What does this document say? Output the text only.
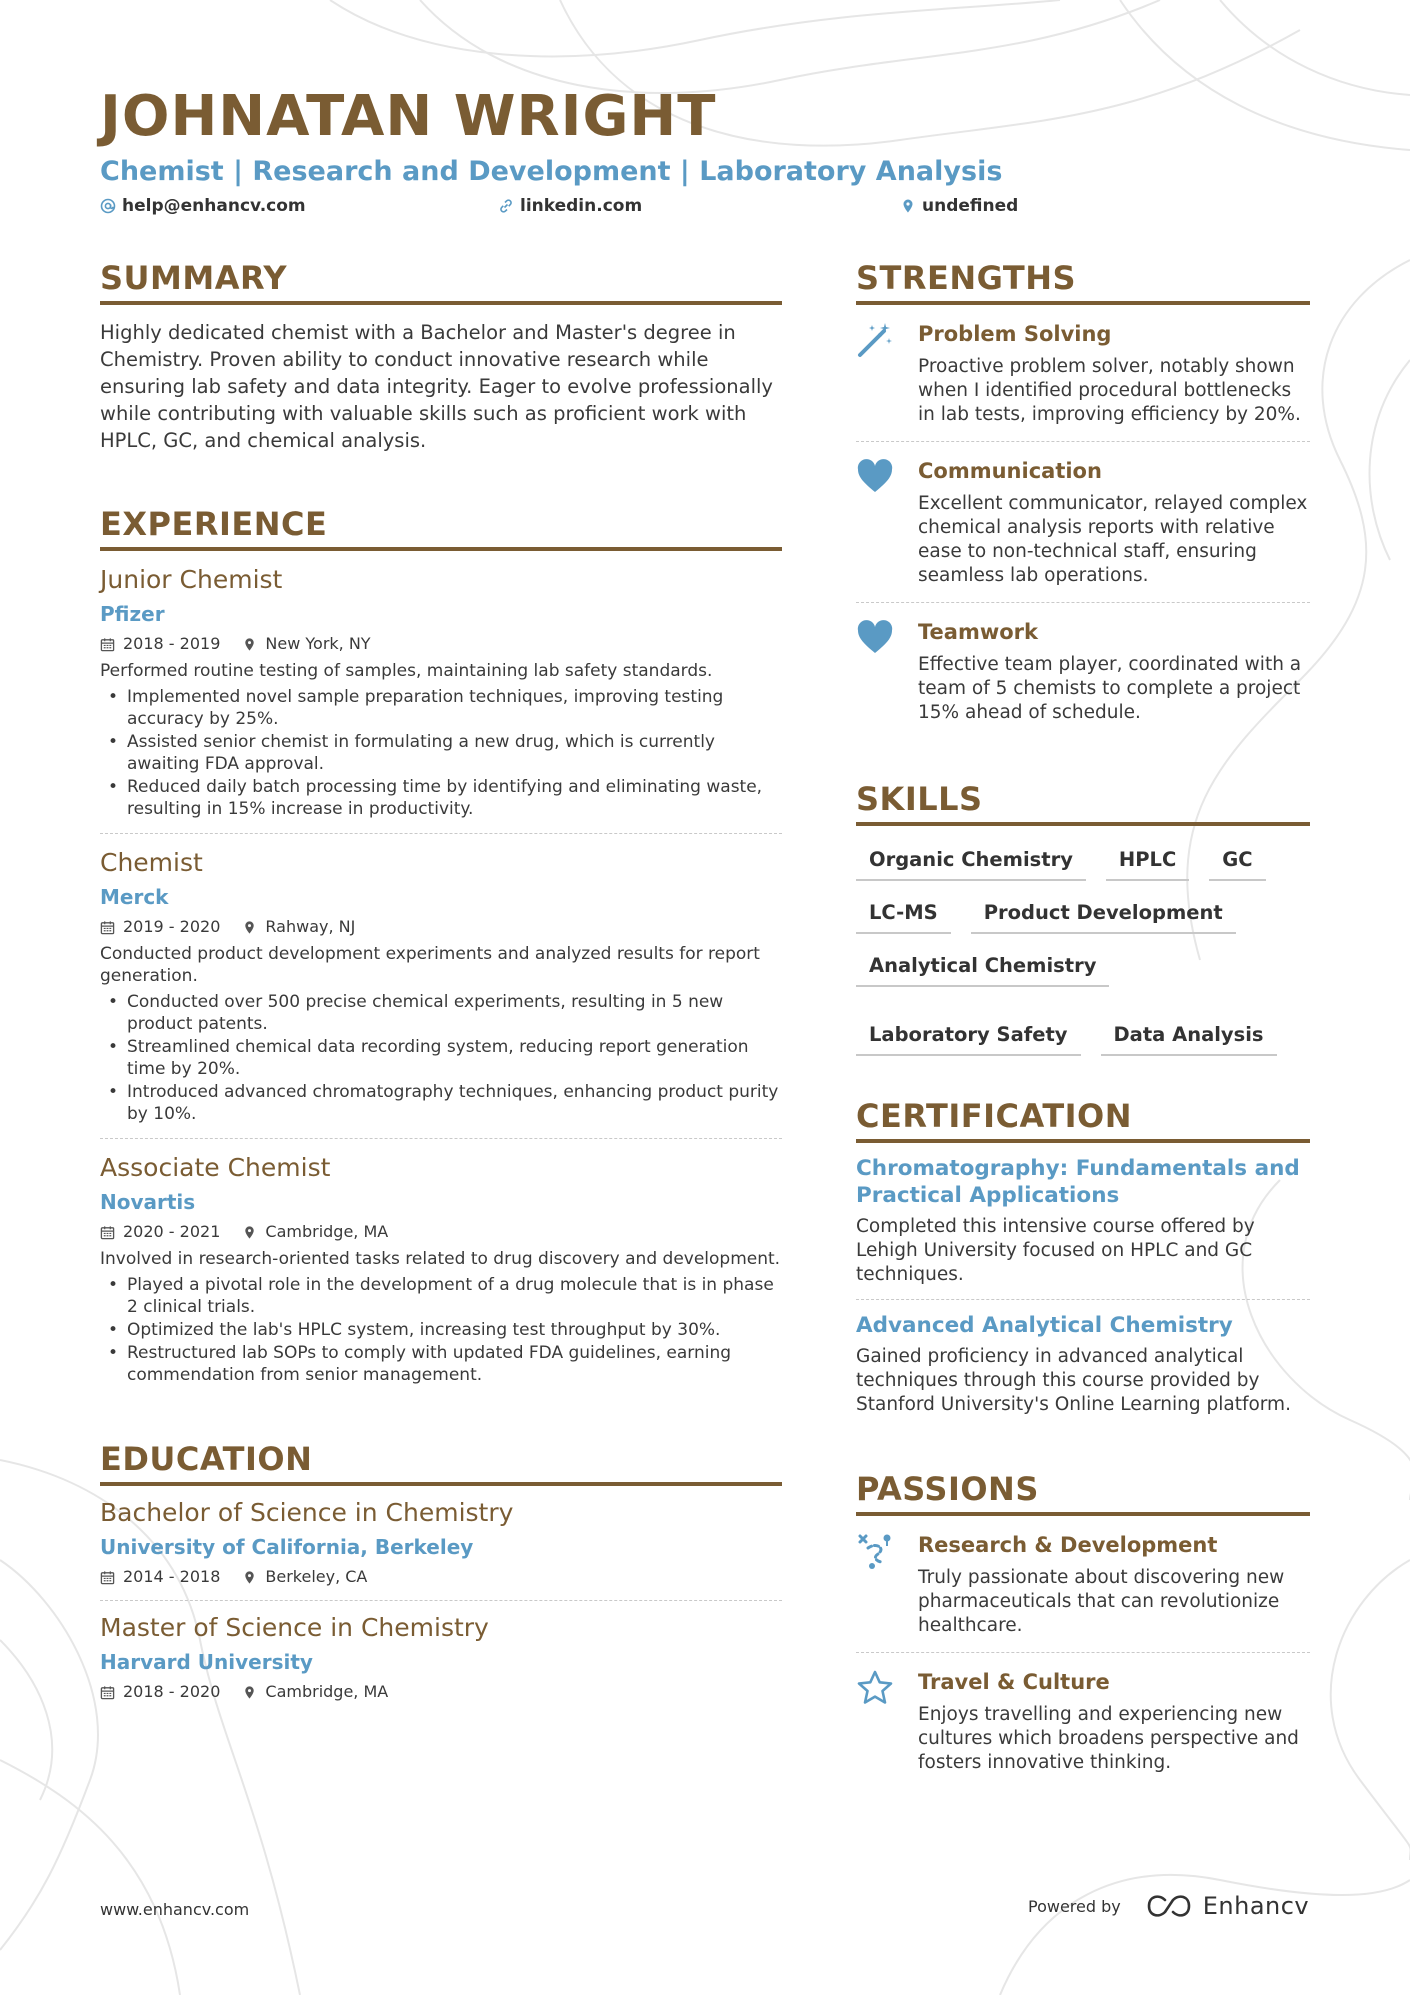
JOHNATAN WRIGHT
Chemist | Research and Development | Laboratory Analysis
help@enhancv.com	linkedin.com	undefined
SUMMARY
Highly dedicated chemist with a Bachelor and Master's degree in Chemistry. Proven ability to conduct innovative research while ensuring lab safety and data integrity. Eager to evolve professionally while contributing with valuable skills such as proficient work with HPLC, GC, and chemical analysis.
EXPERIENCE
Junior Chemist
Pfizer
2018 - 2019	New York, NY
Performed routine testing of samples, maintaining lab safety standards.
• Implemented novel sample preparation techniques, improving testing accuracy by 25%.
• Assisted senior chemist in formulating a new drug, which is currently awaiting FDA approval.
• Reduced daily batch processing time by identifying and eliminating waste, resulting in 15% increase in productivity.
Chemist
Merck
2019 - 2020	Rahway, NJ
Conducted product development experiments and analyzed results for report generation.
• Conducted over 500 precise chemical experiments, resulting in 5 new product patents.
• Streamlined chemical data recording system, reducing report generation time by 20%.
• Introduced advanced chromatography techniques, enhancing product purity by 10%.
Associate Chemist
Novartis
2020 - 2021	Cambridge, MA
Involved in research-oriented tasks related to drug discovery and development.
• Played a pivotal role in the development of a drug molecule that is in phase 2 clinical trials.
• Optimized the lab's HPLC system, increasing test throughput by 30%.
• Restructured lab SOPs to comply with updated FDA guidelines, earning commendation from senior management.
EDUCATION
Bachelor of Science in Chemistry
University of California, Berkeley
2014 - 2018	Berkeley, CA
Master of Science in Chemistry
Harvard University
2018 - 2020	Cambridge, MA
STRENGTHS
Problem Solving
Proactive problem solver, notably shown when I identified procedural bottlenecks in lab tests, improving efficiency by 20%.
Communication
Excellent communicator, relayed complex chemical analysis reports with relative ease to non-technical staff, ensuring seamless lab operations.
Teamwork
Effective team player, coordinated with a team of 5 chemists to complete a project 15% ahead of schedule.
SKILLS
Organic Chemistry	HPLC	GC
LC-MS	Product Development
Analytical Chemistry
Laboratory Safety	Data Analysis
CERTIFICATION
Chromatography: Fundamentals and Practical Applications
Completed this intensive course offered by Lehigh University focused on HPLC and GC techniques.
Advanced Analytical Chemistry
Gained proficiency in advanced analytical techniques through this course provided by Stanford University's Online Learning platform.
PASSIONS
Research & Development
Truly passionate about discovering new pharmaceuticals that can revolutionize healthcare.
Travel & Culture
Enjoys travelling and experiencing new cultures which broadens perspective and fosters innovative thinking.
www.enhancv.com	Powered by	Enhancv
